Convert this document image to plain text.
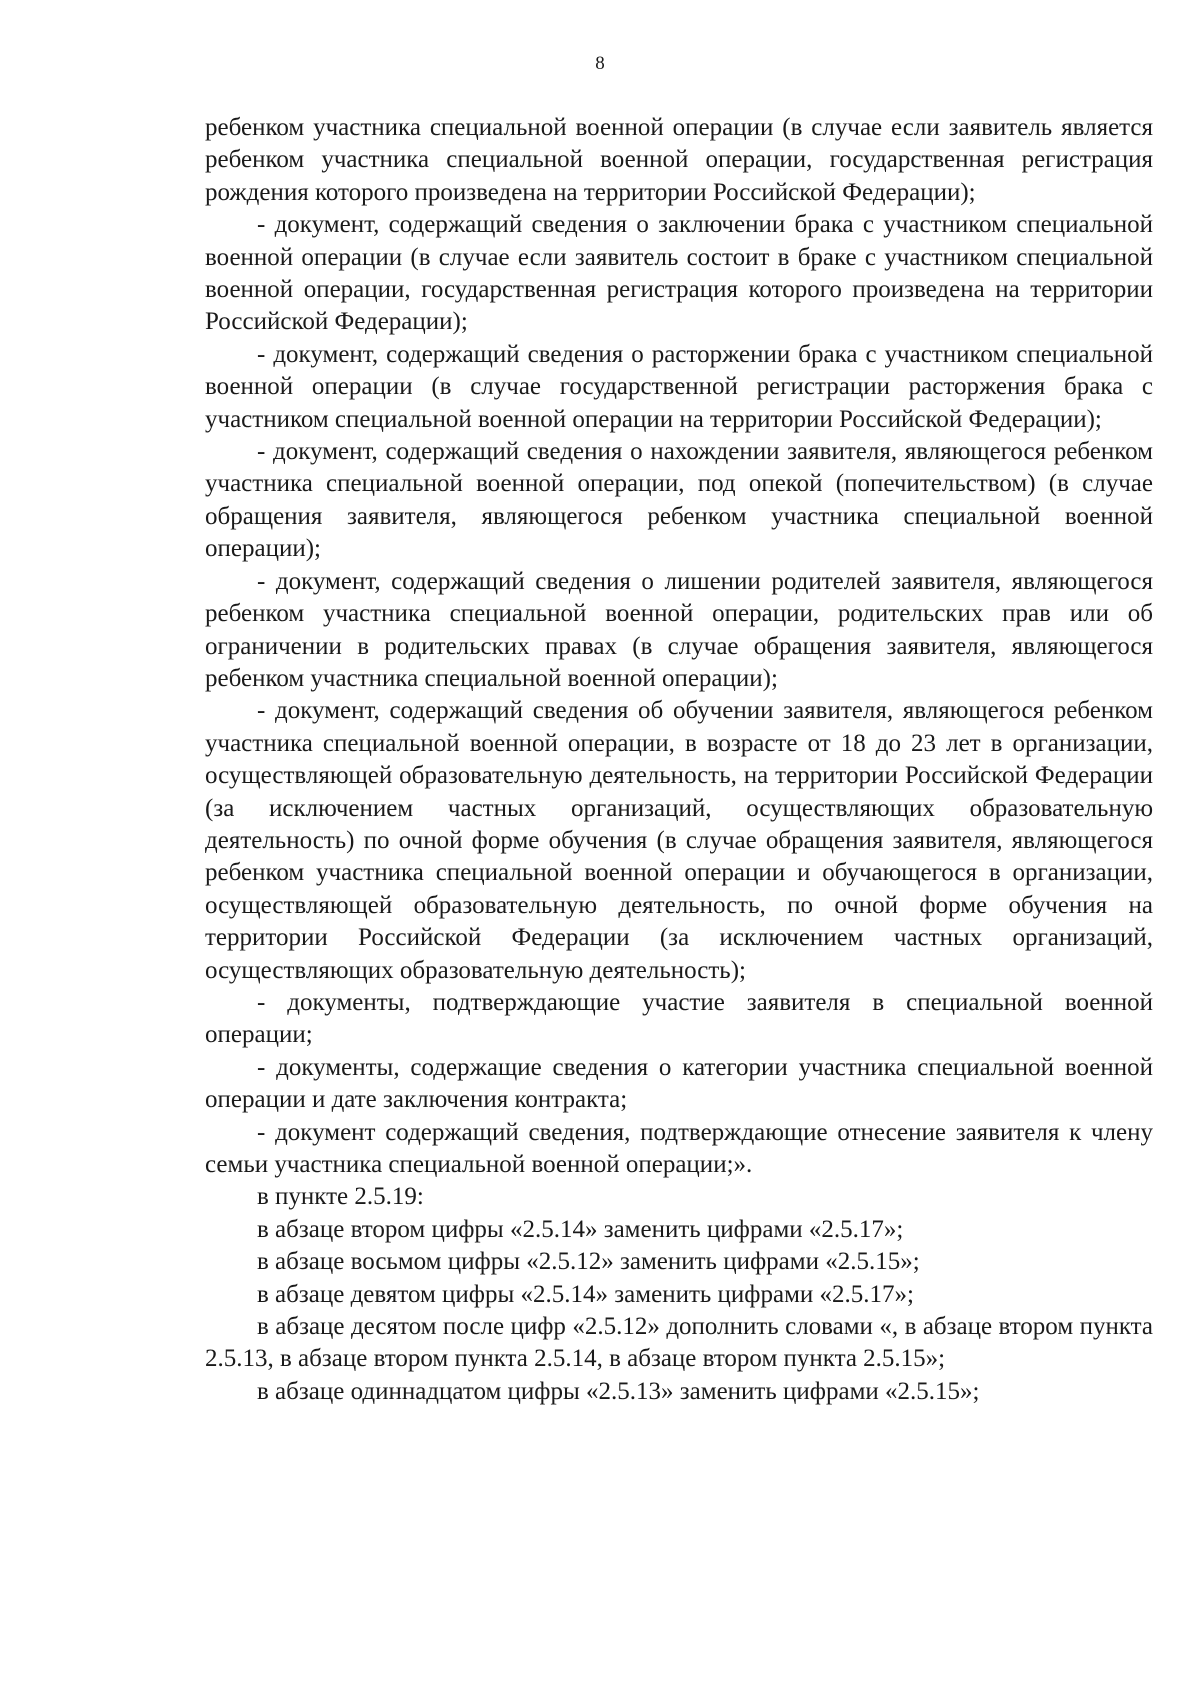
8

ребенком участника специальной военной операции (в случае если заявитель является ребенком участника специальной военной операции, государственная регистрация рождения которого произведена на территории Российской Федерации);

- документ, содержащий сведения о заключении брака с участником специальной военной операции (в случае если заявитель состоит в браке с участником специальной военной операции, государственная регистрация которого произведена на территории Российской Федерации);

- документ, содержащий сведения о расторжении брака с участником специальной военной операции (в случае государственной регистрации расторжения брака с участником специальной военной операции на территории Российской Федерации);

- документ, содержащий сведения о нахождении заявителя, являющегося ребенком участника специальной военной операции, под опекой (попечительством) (в случае обращения заявителя, являющегося ребенком участника специальной военной операции);

- документ, содержащий сведения о лишении родителей заявителя, являющегося ребенком участника специальной военной операции, родительских прав или об ограничении в родительских правах (в случае обращения заявителя, являющегося ребенком участника специальной военной операции);

- документ, содержащий сведения об обучении заявителя, являющегося ребенком участника специальной военной операции, в возрасте от 18 до 23 лет в организации, осуществляющей образовательную деятельность, на территории Российской Федерации (за исключением частных организаций, осуществляющих образовательную деятельность) по очной форме обучения (в случае обращения заявителя, являющегося ребенком участника специальной военной операции и обучающегося в организации, осуществляющей образовательную деятельность, по очной форме обучения на территории Российской Федерации (за исключением частных организаций, осуществляющих образовательную деятельность);

- документы, подтверждающие участие заявителя в специальной военной операции;

- документы, содержащие сведения о категории участника специальной военной операции и дате заключения контракта;

- документ содержащий сведения, подтверждающие отнесение заявителя к члену семьи участника специальной военной операции;».

в пункте 2.5.19:

в абзаце втором цифры «2.5.14» заменить цифрами «2.5.17»;

в абзаце восьмом цифры «2.5.12» заменить цифрами «2.5.15»;

в абзаце девятом цифры «2.5.14» заменить цифрами «2.5.17»;

в абзаце десятом после цифр «2.5.12» дополнить словами «, в абзаце втором пункта 2.5.13, в абзаце втором пункта 2.5.14, в абзаце втором пункта 2.5.15»;

в абзаце одиннадцатом цифры «2.5.13» заменить цифрами «2.5.15»;
